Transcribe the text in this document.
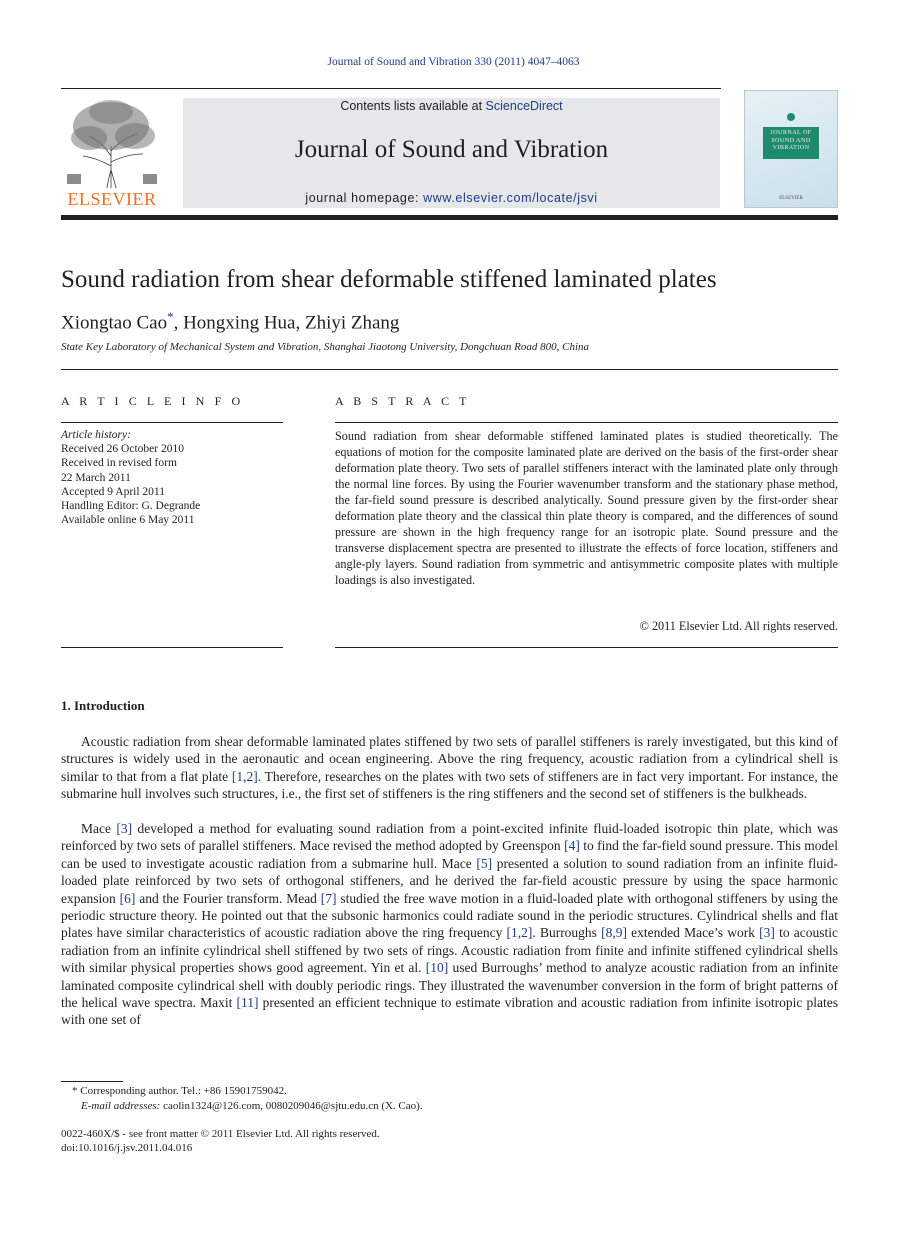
Journal of Sound and Vibration 330 (2011) 4047–4063
ELSEVIER
Contents lists available at ScienceDirect
Journal of Sound and Vibration
journal homepage: www.elsevier.com/locate/jsvi
JOURNAL OF SOUND AND VIBRATION
ELSEVIER
Sound radiation from shear deformable stiffened laminated plates
Xiongtao Cao*, Hongxing Hua, Zhiyi Zhang
State Key Laboratory of Mechanical System and Vibration, Shanghai Jiaotong University, Dongchuan Road 800, China
A R T I C L E I N F O
Article history:
Received 26 October 2010
Received in revised form
22 March 2011
Accepted 9 April 2011
Handling Editor: G. Degrande
Available online 6 May 2011
A B S T R A C T
Sound radiation from shear deformable stiffened laminated plates is studied theoretically. The equations of motion for the composite laminated plate are derived on the basis of the first-order shear deformation plate theory. Two sets of parallel stiffeners interact with the laminated plate only through the normal line forces. By using the Fourier wavenumber transform and the stationary phase method, the far-field sound pressure is described analytically. Sound pressure given by the first-order shear deformation plate theory and the classical thin plate theory is compared, and the differences of sound pressure are shown in the high frequency range for an isotropic plate. Sound pressure and the transverse displacement spectra are presented to illustrate the effects of force location, stiffeners and angle-ply layers. Sound radiation from symmetric and antisymmetric composite plates with multiple loadings is also investigated.
© 2011 Elsevier Ltd. All rights reserved.
1. Introduction

Acoustic radiation from shear deformable laminated plates stiffened by two sets of parallel stiffeners is rarely investigated, but this kind of structures is widely used in the aeronautic and ocean engineering. Above the ring frequency, acoustic radiation from a cylindrical shell is similar to that from a flat plate [1,2]. Therefore, researches on the plates with two sets of stiffeners are in fact very important. For instance, the submarine hull involves such structures, i.e., the first set of stiffeners is the ring stiffeners and the second set of stiffeners is the bulkheads.

Mace [3] developed a method for evaluating sound radiation from a point-excited infinite fluid-loaded isotropic thin plate, which was reinforced by two sets of parallel stiffeners. Mace revised the method adopted by Greenspon [4] to find the far-field sound pressure. This model can be used to investigate acoustic radiation from a submarine hull. Mace [5] presented a solution to sound radiation from an infinite fluid-loaded plate reinforced by two sets of orthogonal stiffeners, and he derived the far-field acoustic pressure by using the space harmonic expansion [6] and the Fourier transform. Mead [7] studied the free wave motion in a fluid-loaded plate with orthogonal stiffeners by using the periodic structure theory. He pointed out that the subsonic harmonics could radiate sound in the periodic structures. Cylindrical shells and flat plates have similar characteristics of acoustic radiation above the ring frequency [1,2]. Burroughs [8,9] extended Mace’s work [3] to acoustic radiation from an infinite cylindrical shell stiffened by two sets of rings. Acoustic radiation from finite and infinite stiffened cylindrical shells with similar physical properties shows good agreement. Yin et al. [10] used Burroughs’ method to analyze acoustic radiation from an infinite laminated composite cylindrical shell with doubly periodic rings. They illustrated the wavenumber conversion in the form of bright patterns of the helical wave spectra. Maxit [11] presented an efficient technique to estimate vibration and acoustic radiation from infinite isotropic plates with one set of

* Corresponding author. Tel.: +86 15901759042.
E-mail addresses: caolin1324@126.com, 0080209046@sjtu.edu.cn (X. Cao).
0022-460X/$ - see front matter © 2011 Elsevier Ltd. All rights reserved.
doi:10.1016/j.jsv.2011.04.016
